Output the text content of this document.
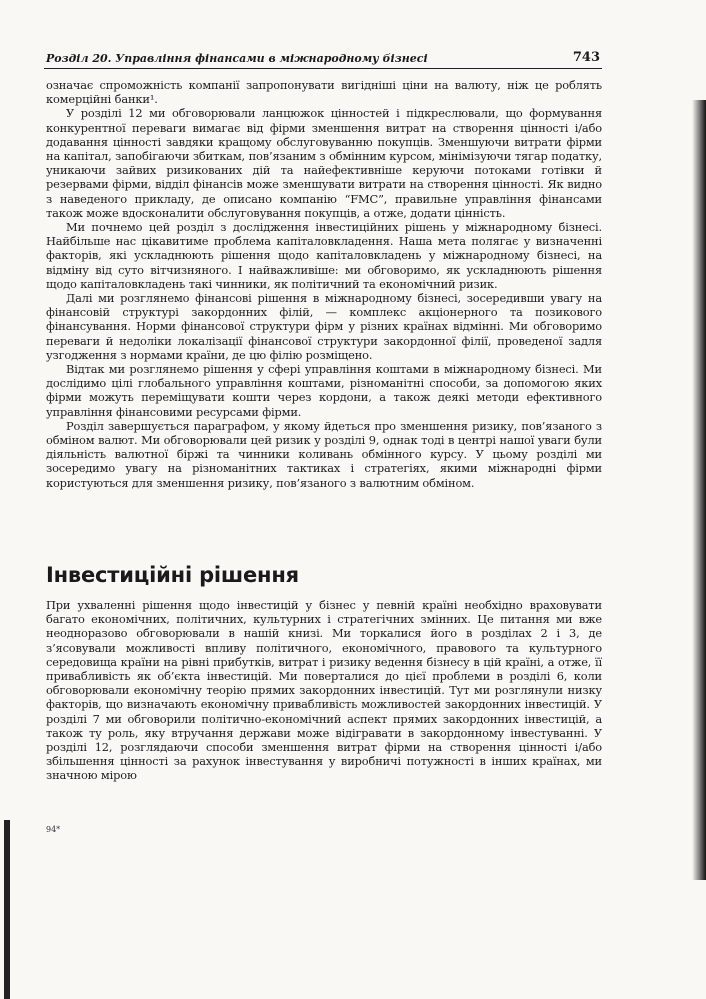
Розділ 20. Управління фінансами в міжнародному бізнесі	743

означає спроможність компанії запропонувати вигідніші ціни на валюту, ніж це роблять комерційні банки¹.

У розділі 12 ми обговорювали ланцюжок цінностей і підкреслювали, що формування конкурентної переваги вимагає від фірми зменшення витрат на створення цінності і/або додавання цінності завдяки кращому обслуговуванню покупців. Зменшуючи витрати фірми на капітал, запобігаючи збиткам, пов’язаним з обмінним курсом, мінімізуючи тягар податку, уникаючи зайвих ризикованих дій та найефективніше керуючи потоками готівки й резервами фірми, відділ фінансів може зменшувати витрати на створення цінності. Як видно з наведеного прикладу, де описано компанію “FMC”, правильне управління фінансами також може вдосконалити обслуговування покупців, а отже, додати цінність.

Ми почнемо цей розділ з дослідження інвестиційних рішень у міжнародному бізнесі. Найбільше нас цікавитиме проблема капіталовкладення. Наша мета полягає у визначенні факторів, які ускладнюють рішення щодо капіталовкладень у міжнародному бізнесі, на відміну від суто вітчизняного. І найважливіше: ми обговоримо, як ускладнюють рішення щодо капіталовкладень такі чинники, як політичний та економічний ризик.

Далі ми розглянемо фінансові рішення в міжнародному бізнесі, зосередивши увагу на фінансовій структурі закордонних філій, — комплекс акціонерного та позикового фінансування. Норми фінансової структури фірм у різних країнах відмінні. Ми обговоримо переваги й недоліки локалізації фінансової структури закордонної філії, проведеної задля узгодження з нормами країни, де цю філію розміщено.

Відтак ми розглянемо рішення у сфері управління коштами в міжнародному бізнесі. Ми дослідимо цілі глобального управління коштами, різноманітні способи, за допомогою яких фірми можуть переміщувати кошти через кордони, а також деякі методи ефективного управління фінансовими ресурсами фірми.

Розділ завершується параграфом, у якому йдеться про зменшення ризику, пов’язаного з обміном валют. Ми обговорювали цей ризик у розділі 9, однак тоді в центрі нашої уваги були діяльність валютної біржі та чинники коливань обмінного курсу. У цьому розділі ми зосередимо увагу на різноманітних тактиках і стратегіях, якими міжнародні фірми користуються для зменшення ризику, пов’язаного з валютним обміном.

Інвестиційні рішення

При ухваленні рішення щодо інвестицій у бізнес у певній країні необхідно враховувати багато економічних, політичних, культурних і стратегічних змінних. Це питання ми вже неодноразово обговорювали в нашій книзі. Ми торкалися його в розділах 2 і 3, де з’ясовували можливості впливу політичного, економічного, правового та культурного середовища країни на рівні прибутків, витрат і ризику ведення бізнесу в цій країні, а отже, її привабливість як об’єкта інвестицій. Ми поверталися до цієї проблеми в розділі 6, коли обговорювали економічну теорію прямих закордонних інвестицій. Тут ми розглянули низку факторів, що визначають економічну привабливість можливостей закордонних інвестицій. У розділі 7 ми обговорили політично-економічний аспект прямих закордонних інвестицій, а також ту роль, яку втручання держави може відігравати в закордонному інвестуванні. У розділі 12, розглядаючи способи зменшення витрат фірми на створення цінності і/або збільшення цінності за рахунок інвестування у виробничі потужності в інших країнах, ми значною мірою

94*
